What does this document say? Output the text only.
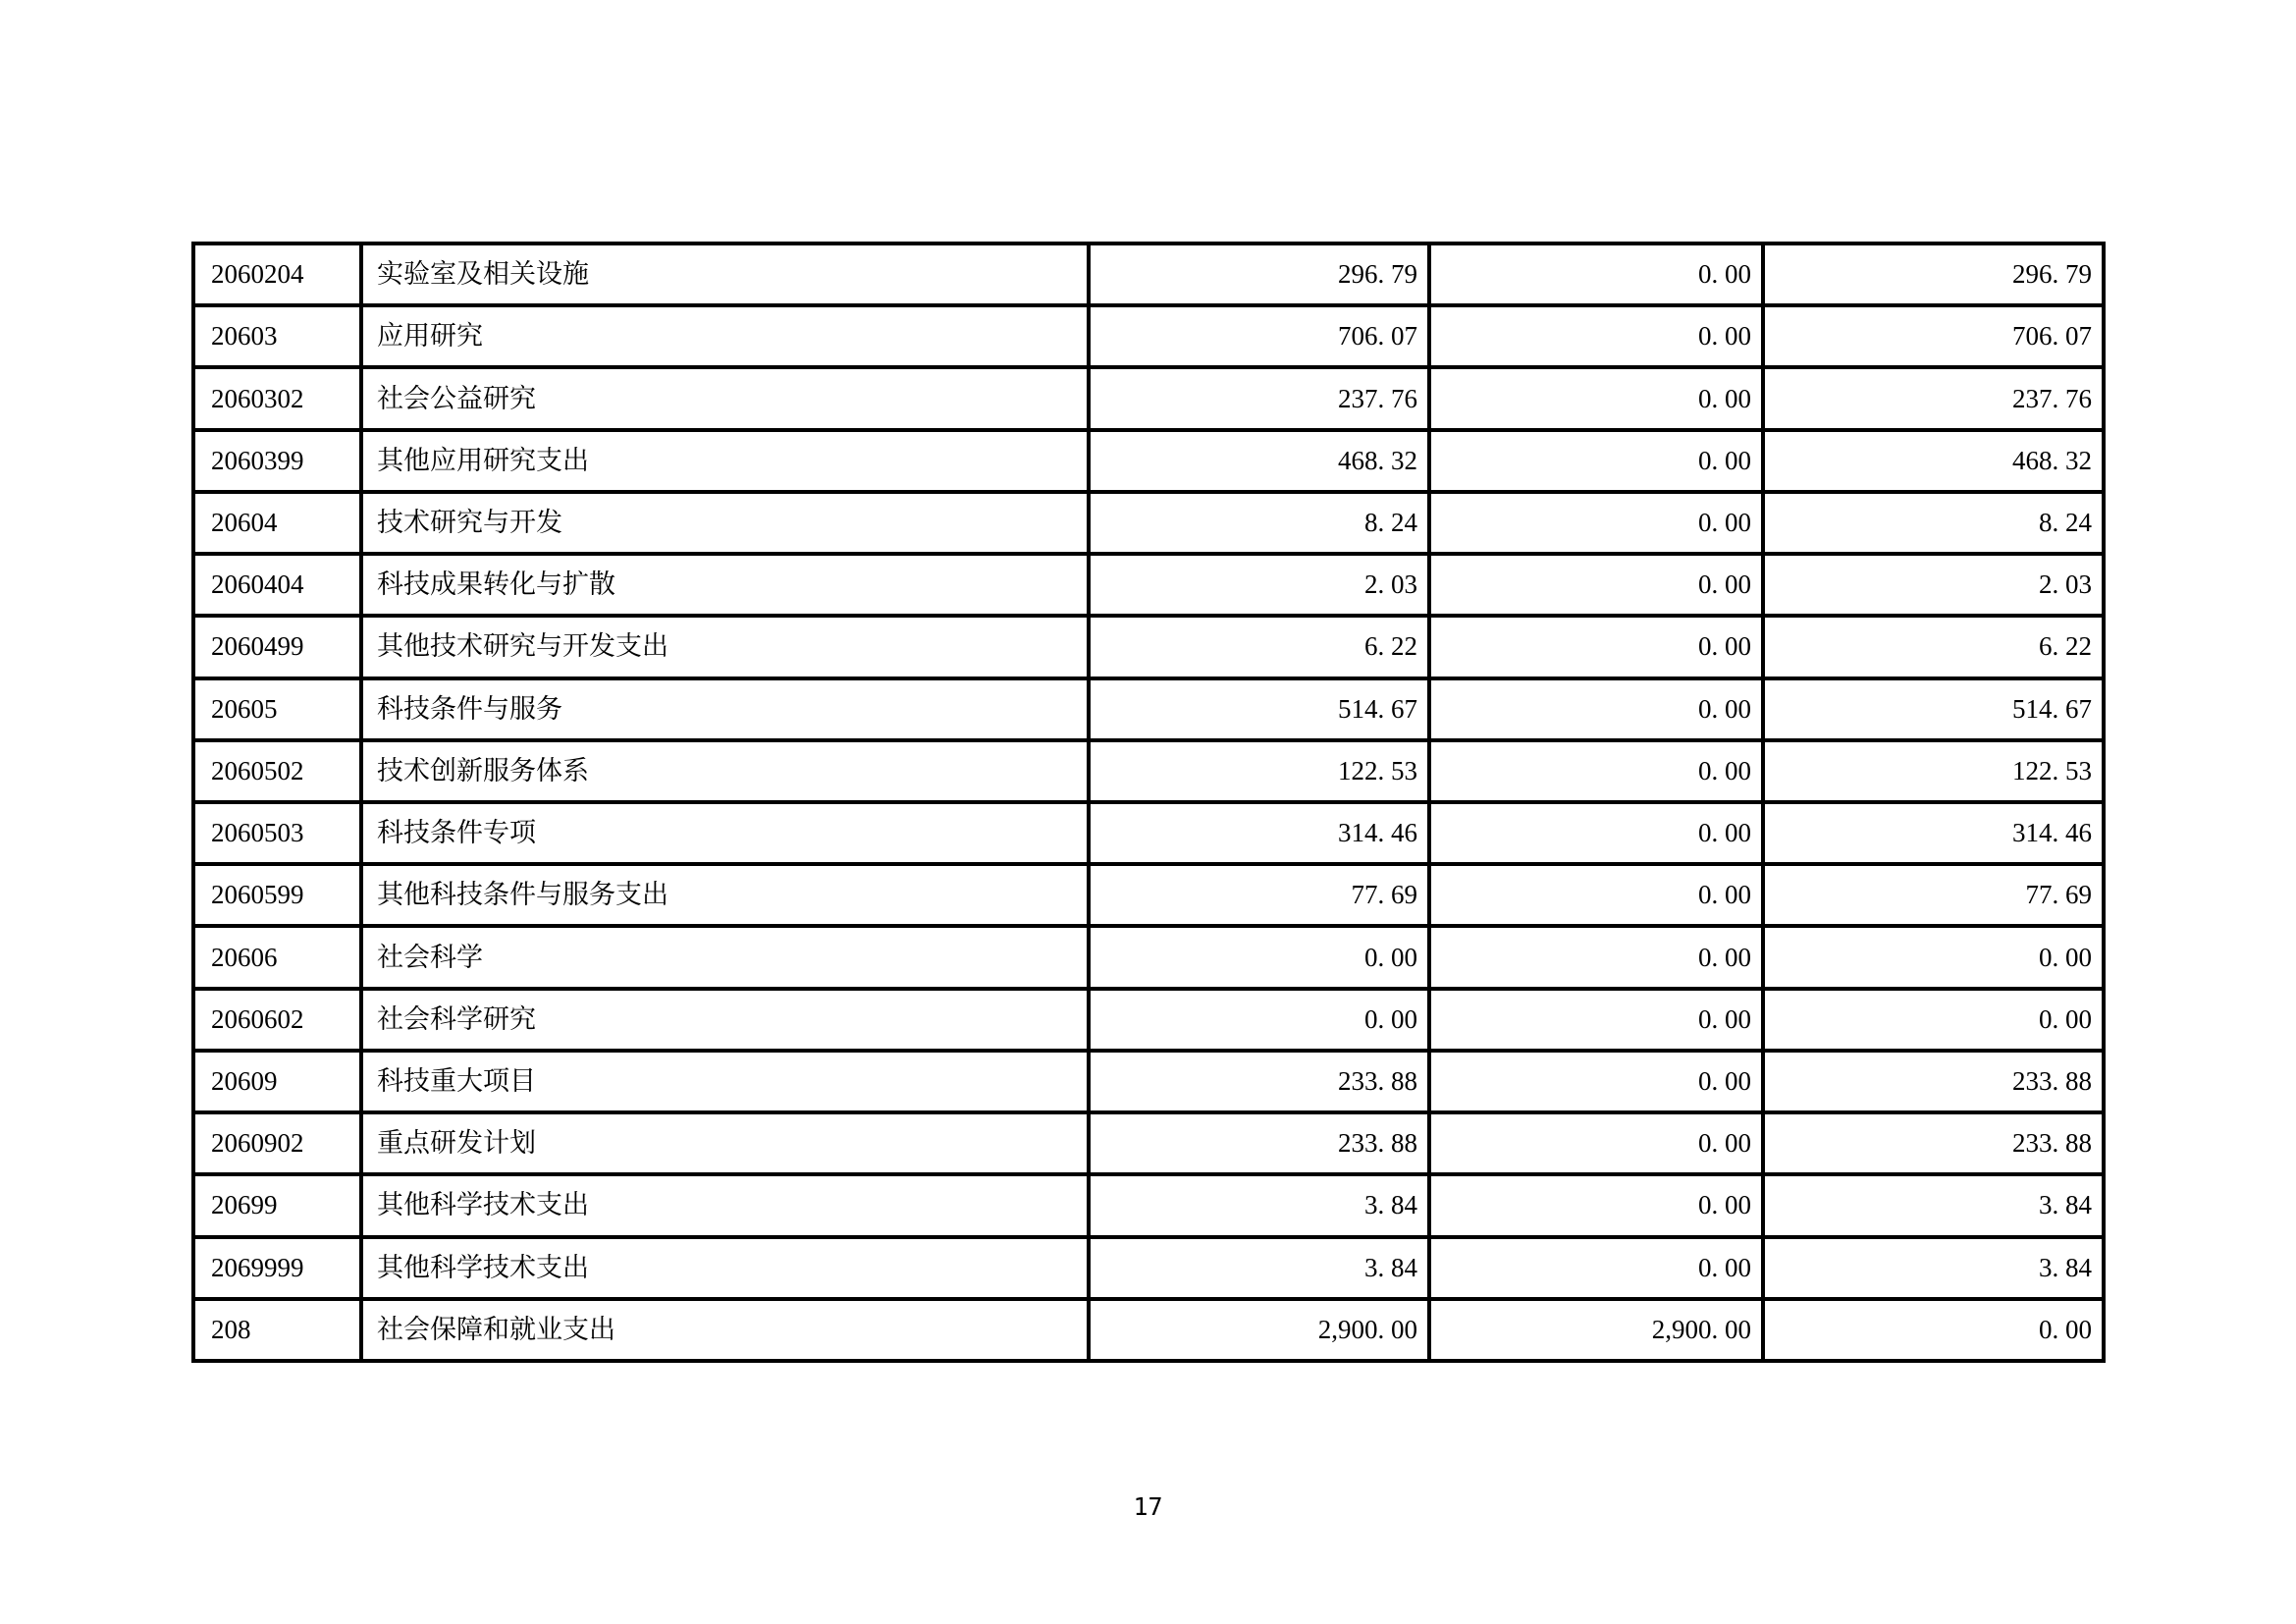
2060204	实验室及相关设施	296. 79	0. 00	296. 79
20603	应用研究	706. 07	0. 00	706. 07
2060302	社会公益研究	237. 76	0. 00	237. 76
2060399	其他应用研究支出	468. 32	0. 00	468. 32
20604	技术研究与开发	8. 24	0. 00	8. 24
2060404	科技成果转化与扩散	2. 03	0. 00	2. 03
2060499	其他技术研究与开发支出	6. 22	0. 00	6. 22
20605	科技条件与服务	514. 67	0. 00	514. 67
2060502	技术创新服务体系	122. 53	0. 00	122. 53
2060503	科技条件专项	314. 46	0. 00	314. 46
2060599	其他科技条件与服务支出	77. 69	0. 00	77. 69
20606	社会科学	0. 00	0. 00	0. 00
2060602	社会科学研究	0. 00	0. 00	0. 00
20609	科技重大项目	233. 88	0. 00	233. 88
2060902	重点研发计划	233. 88	0. 00	233. 88
20699	其他科学技术支出	3. 84	0. 00	3. 84
2069999	其他科学技术支出	3. 84	0. 00	3. 84
208	社会保障和就业支出	2,900. 00	2,900. 00	0. 00
17
